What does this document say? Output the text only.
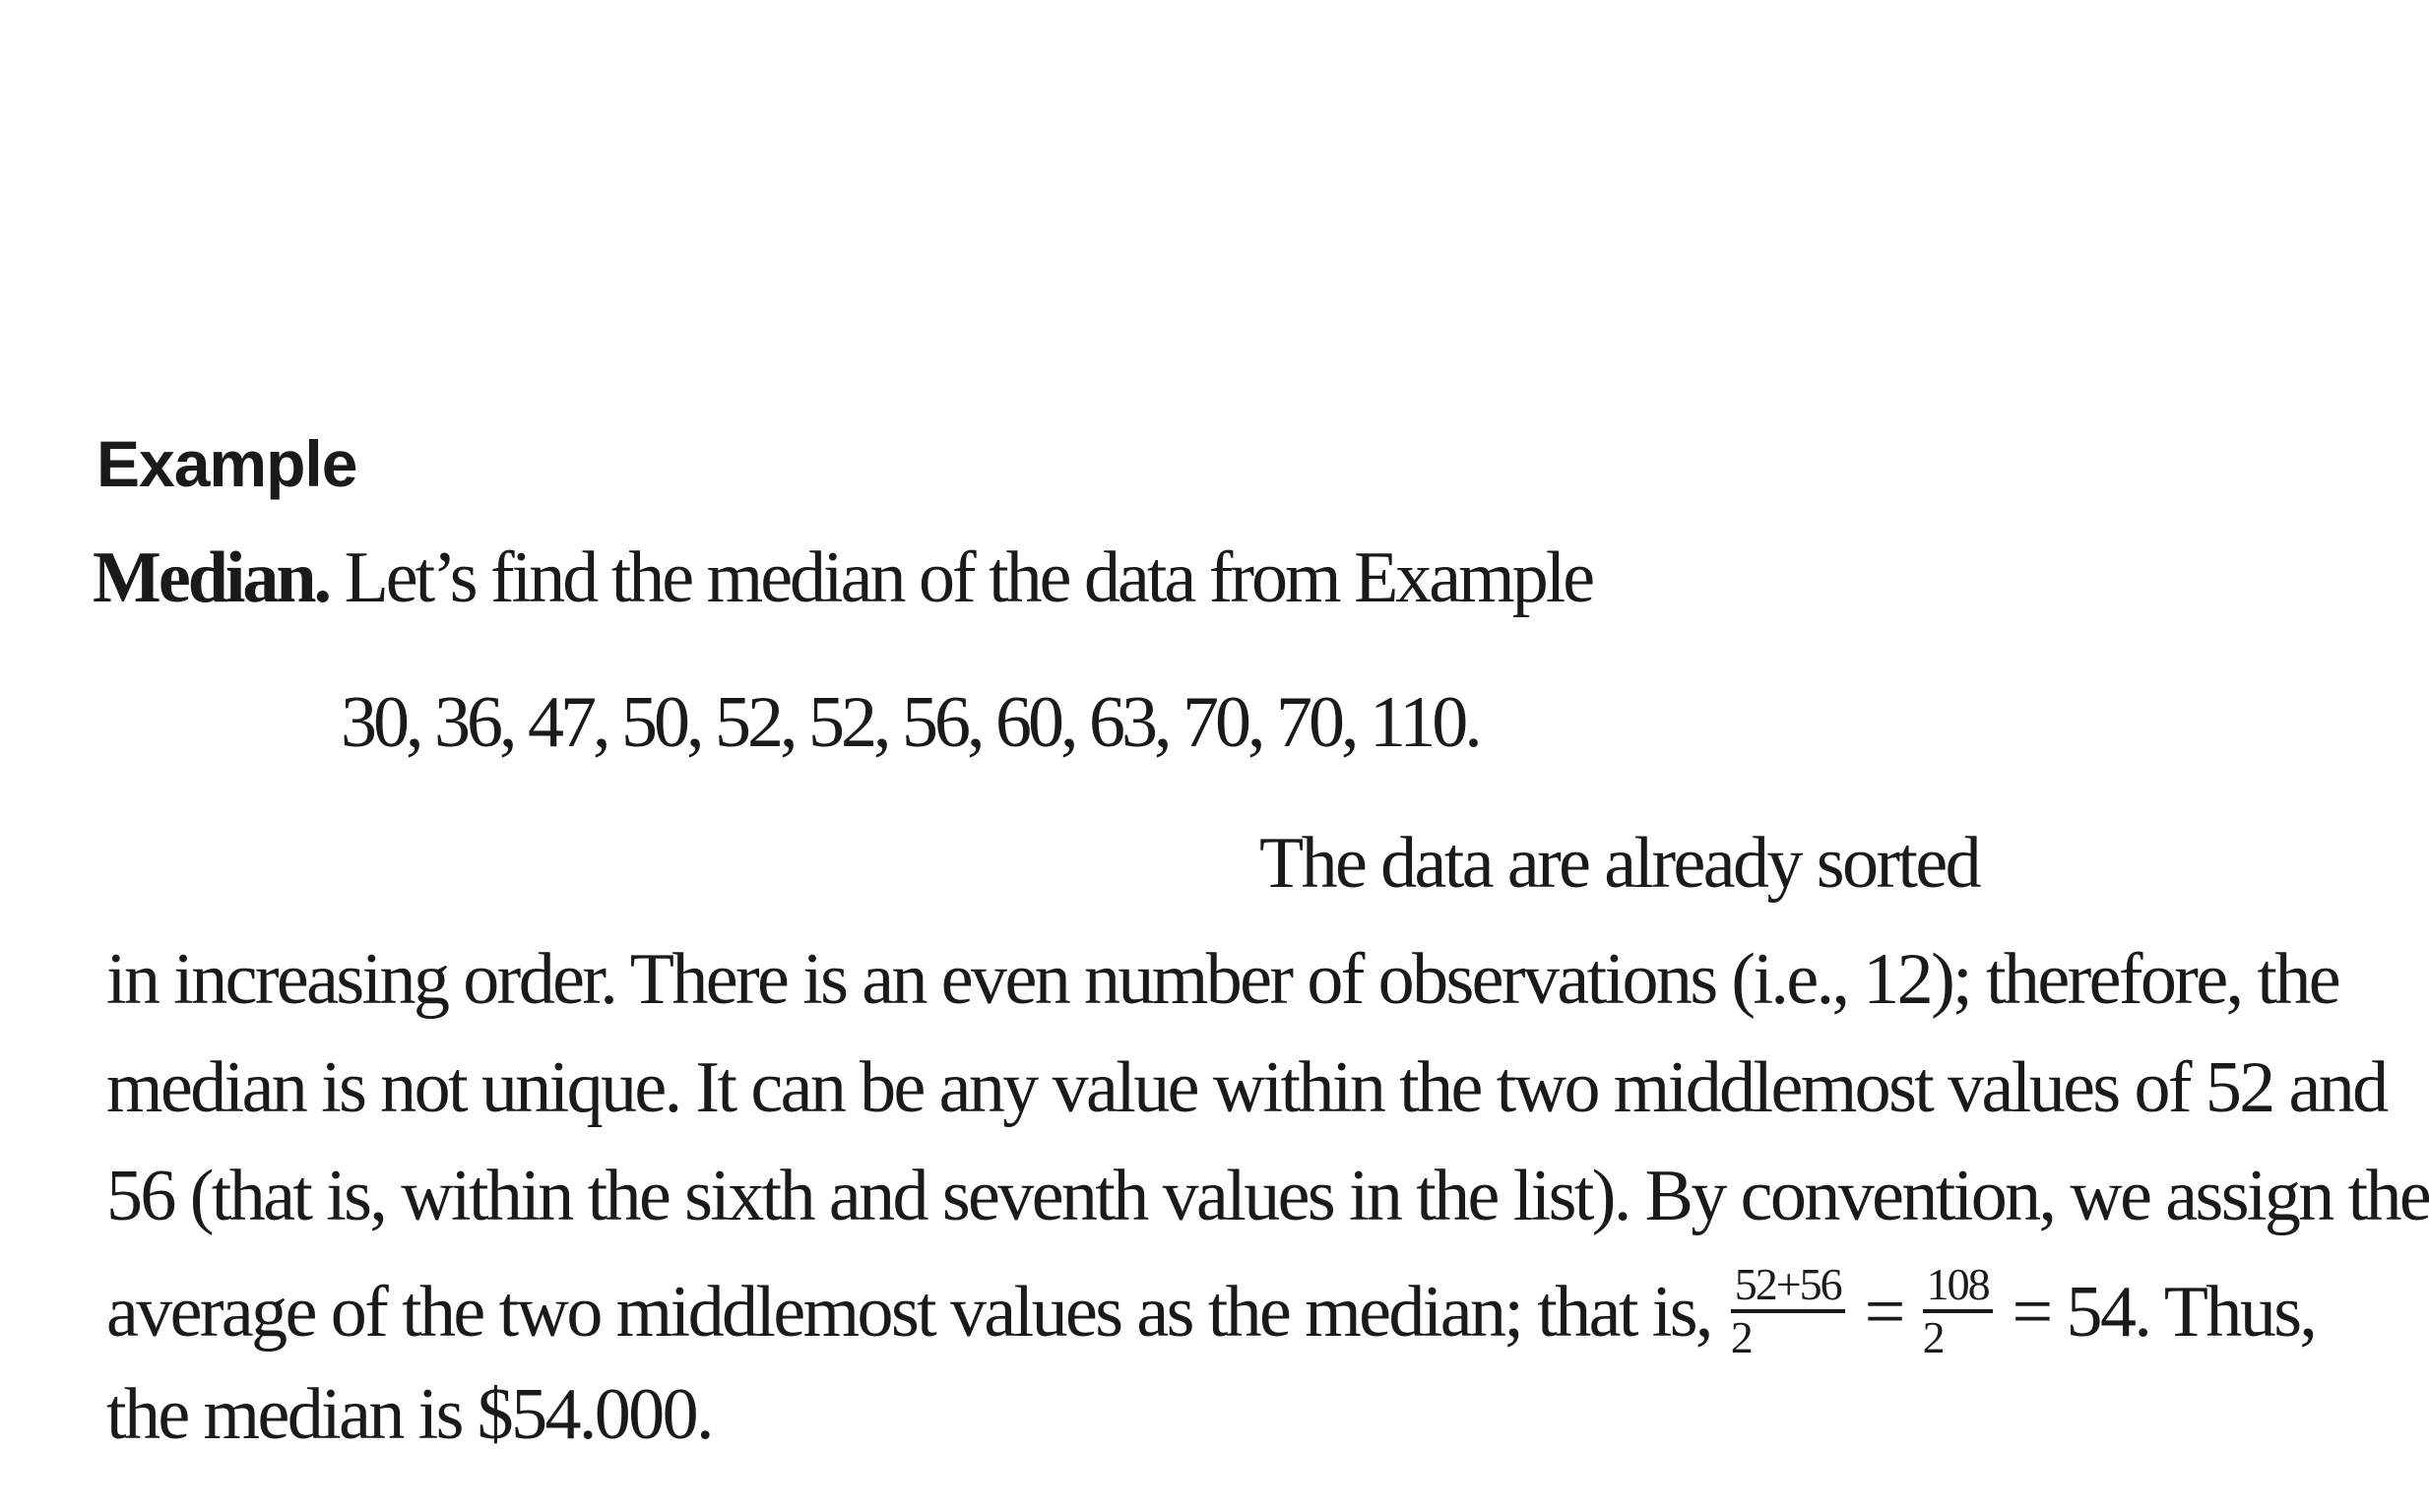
Example
Median. Let’s find the median of the data from Example
30, 36, 47, 50, 52, 52, 56, 60, 63, 70, 70, 110.
The data are already sorted
in increasing order. There is an even number of observations (i.e., 12); therefore, the
median is not unique. It can be any value within the two middlemost values of 52 and
56 (that is, within the sixth and seventh values in the list). By convention, we assign the
average of the two middlemost values as the median; that is, $\frac{52+56}{2} = \frac{108}{2} = 54$. Thus,
the median is $54.000.
